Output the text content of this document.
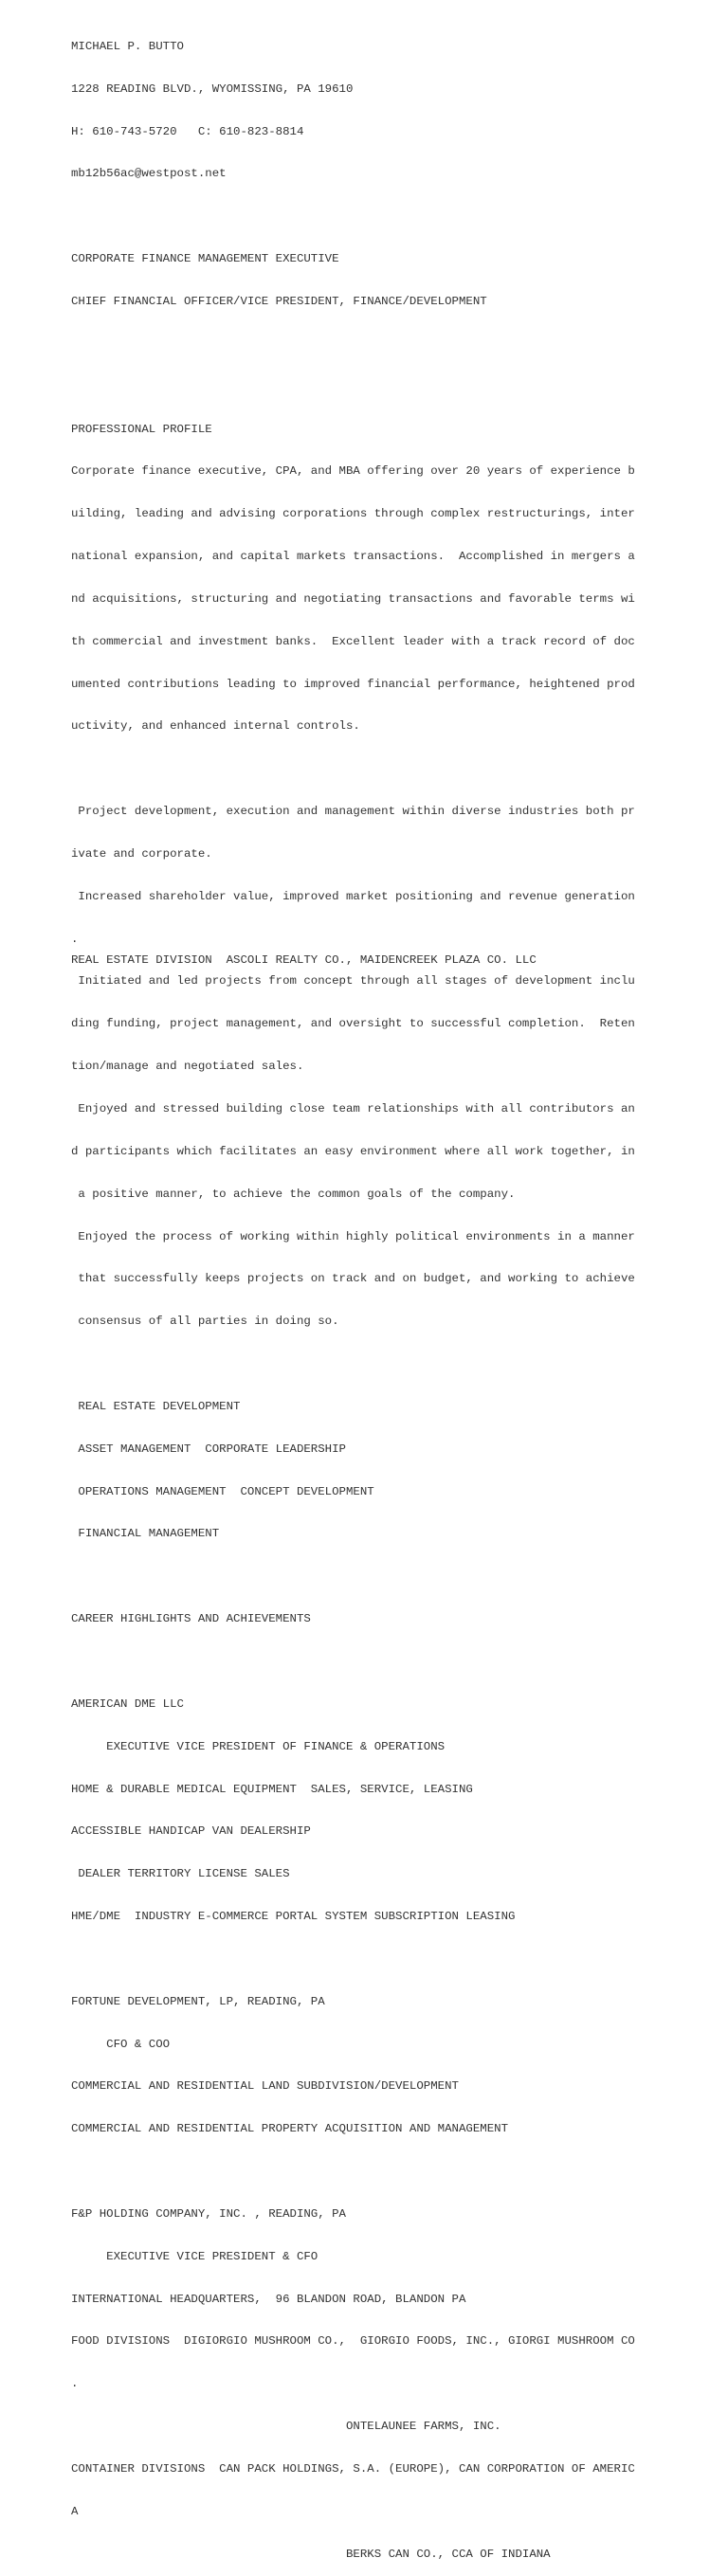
MICHAEL P. BUTTO

1228 READING BLVD., WYOMISSING, PA 19610

H: 610-743-5720   C: 610-823-8814

mb12b56ac@westpost.net

CORPORATE FINANCE MANAGEMENT EXECUTIVE

CHIEF FINANCIAL OFFICER/VICE PRESIDENT, FINANCE/DEVELOPMENT

PROFESSIONAL PROFILE

Corporate finance executive, CPA, and MBA offering over 20 years of experience b

uilding, leading and advising corporations through complex restructurings, inter

national expansion, and capital markets transactions.  Accomplished in mergers a

nd acquisitions, structuring and negotiating transactions and favorable terms wi

th commercial and investment banks.  Excellent leader with a track record of doc

umented contributions leading to improved financial performance, heightened prod

uctivity, and enhanced internal controls.

Project development, execution and management within diverse industries both pr

ivate and corporate.

Increased shareholder value, improved market positioning and revenue generation

.

Initiated and led projects from concept through all stages of development inclu

ding funding, project management, and oversight to successful completion.  Reten

tion/manage and negotiated sales.

Enjoyed and stressed building close team relationships with all contributors an

d participants which facilitates an easy environment where all work together, in

a positive manner, to achieve the common goals of the company.

Enjoyed the process of working within highly political environments in a manner

that successfully keeps projects on track and on budget, and working to achieve

consensus of all parties in doing so.

REAL ESTATE DEVELOPMENT

ASSET MANAGEMENT  CORPORATE LEADERSHIP

OPERATIONS MANAGEMENT  CONCEPT DEVELOPMENT

FINANCIAL MANAGEMENT

CAREER HIGHLIGHTS AND ACHIEVEMENTS

AMERICAN DME LLC

EXECUTIVE VICE PRESIDENT OF FINANCE & OPERATIONS

HOME & DURABLE MEDICAL EQUIPMENT  SALES, SERVICE, LEASING

ACCESSIBLE HANDICAP VAN DEALERSHIP

DEALER TERRITORY LICENSE SALES

HME/DME  INDUSTRY E-COMMERCE PORTAL SYSTEM SUBSCRIPTION LEASING

FORTUNE DEVELOPMENT, LP, READING, PA

CFO & COO

COMMERCIAL AND RESIDENTIAL LAND SUBDIVISION/DEVELOPMENT

COMMERCIAL AND RESIDENTIAL PROPERTY ACQUISITION AND MANAGEMENT

F&P HOLDING COMPANY, INC. , READING, PA

EXECUTIVE VICE PRESIDENT & CFO

INTERNATIONAL HEADQUARTERS,  96 BLANDON ROAD, BLANDON PA

FOOD DIVISIONS  DIGIORGIO MUSHROOM CO.,  GIORGIO FOODS, INC., GIORGI MUSHROOM CO

.

ONTELAUNEE FARMS, INC.

CONTAINER DIVISIONS  CAN PACK HOLDINGS, S.A. (EUROPE), CAN CORPORATION OF AMERIC

A

BERKS CAN CO., CCA OF INDIANA

REAL ESTATE DIVISION  ASCOLI REALTY CO., MAIDENCREEK PLAZA CO. LLC
